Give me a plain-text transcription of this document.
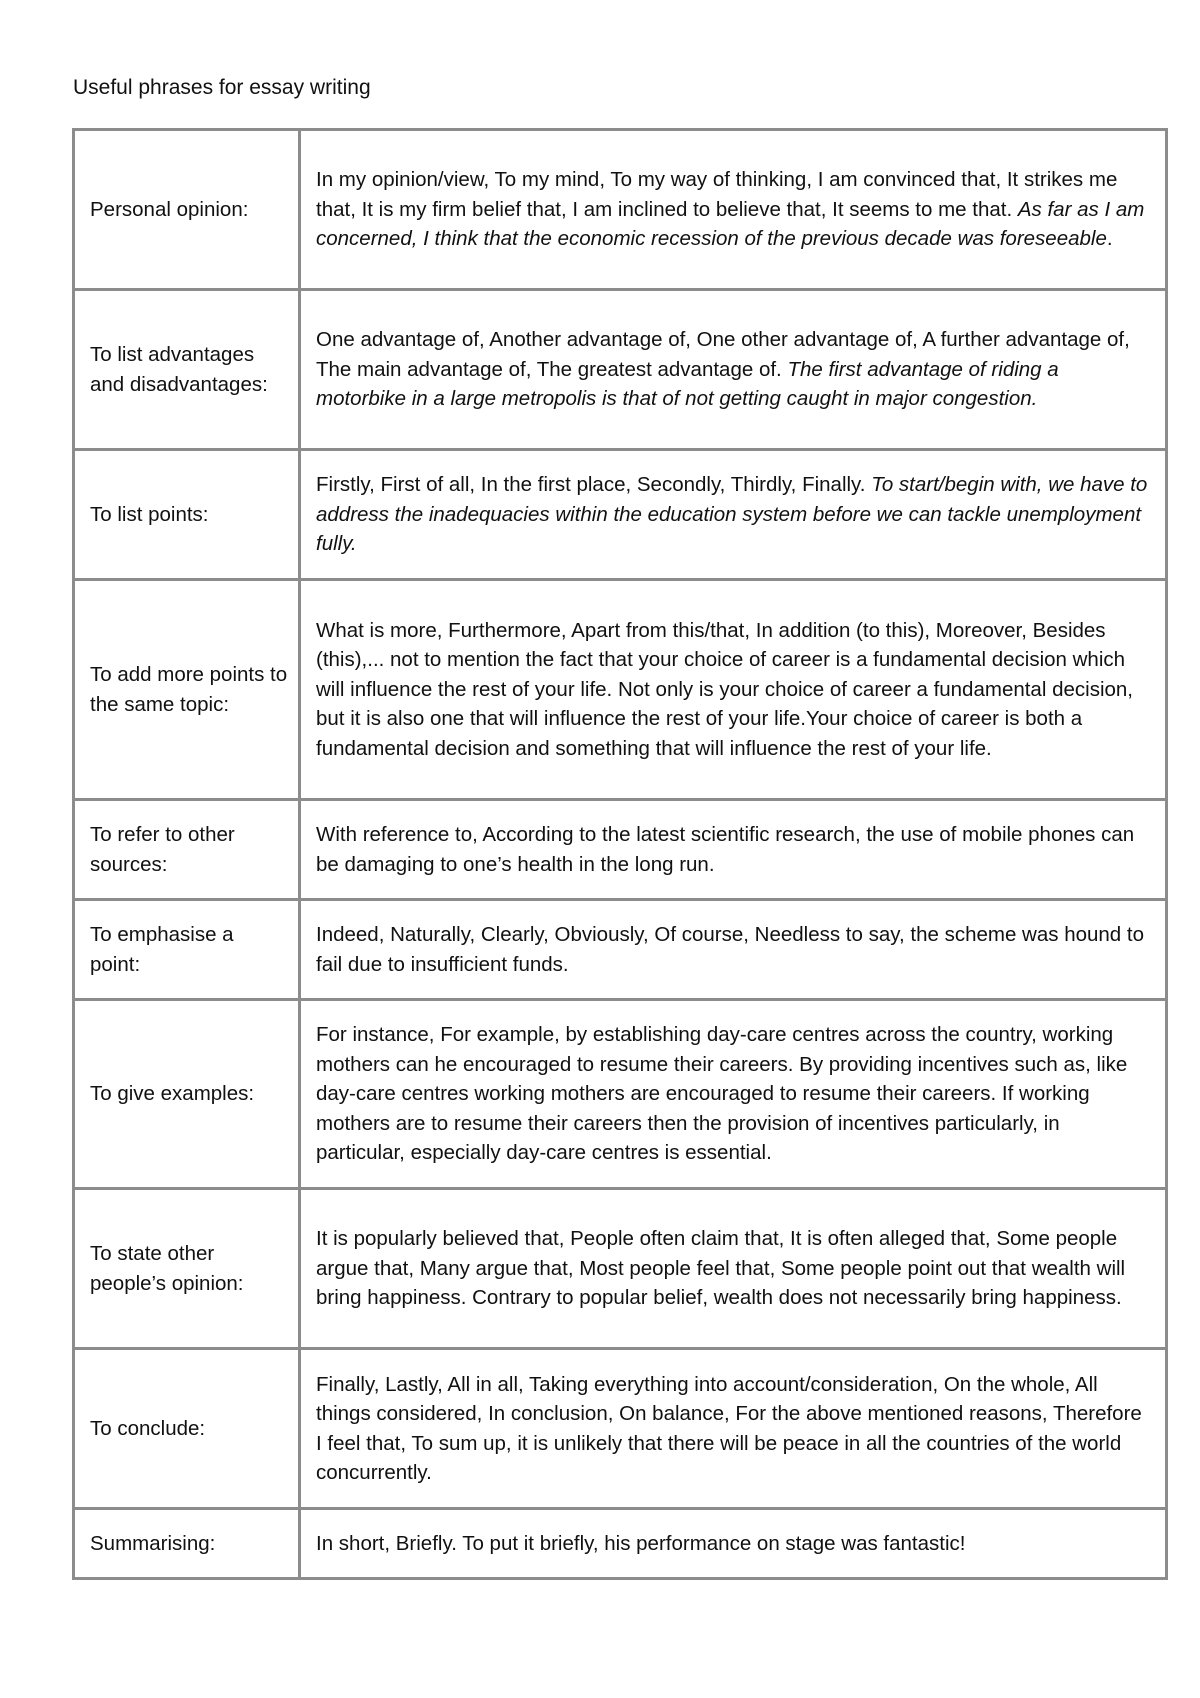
Useful phrases for essay writing
Personal opinion:	In my opinion/view, To my mind, To my way of thinking, I am convinced that, It strikes me that, It is my firm belief that, I am inclined to believe that, It seems to me that. As far as I am concerned, I think that the economic recession of the previous decade was foreseeable.
To list advantages and disadvantages:	One advantage of, Another advantage of, One other advantage of, A further advantage of, The main advantage of, The greatest advantage of. The first advantage of riding a motorbike in a large metropolis is that of not getting caught in major congestion.
To list points:	Firstly, First of all, In the first place, Secondly, Thirdly, Finally. To start/begin with, we have to address the inadequacies within the education system before we can tackle unemployment fully.
To add more points to the same topic:	What is more, Furthermore, Apart from this/that, In addition (to this), Moreover, Besides (this),... not to mention the fact that your choice of career is a fundamental decision which will influence the rest of your life. Not only is your choice of career a fundamental decision, but it is also one that will influence the rest of your life.Your choice of career is both a fundamental decision and something that will influence the rest of your life.
To refer to other sources:	With reference to, According to the latest scientific research, the use of mobile phones can be damaging to one’s health in the long run.
To emphasise a point:	Indeed, Naturally, Clearly, Obviously, Of course, Needless to say, the scheme was hound to fail due to insufficient funds.
To give examples:	For instance, For example, by establishing day-care centres across the country, working mothers can he encouraged to resume their careers. By providing incentives such as, like day-care centres working mothers are encouraged to resume their careers. If working mothers are to resume their careers then the provision of incentives particularly, in particular, especially day-care centres is essential.
To state other people’s opinion:	It is popularly believed that, People often claim that, It is often alleged that, Some people argue that, Many argue that, Most people feel that, Some people point out that wealth will bring happiness. Contrary to popular belief, wealth does not necessarily bring happiness.
To conclude:	Finally, Lastly, All in all, Taking everything into account/consideration, On the whole, All things considered, In conclusion, On balance, For the above mentioned reasons, Therefore I feel that, To sum up, it is unlikely that there will be peace in all the countries of the world concurrently.
Summarising:	In short, Briefly. To put it briefly, his performance on stage was fantastic!
